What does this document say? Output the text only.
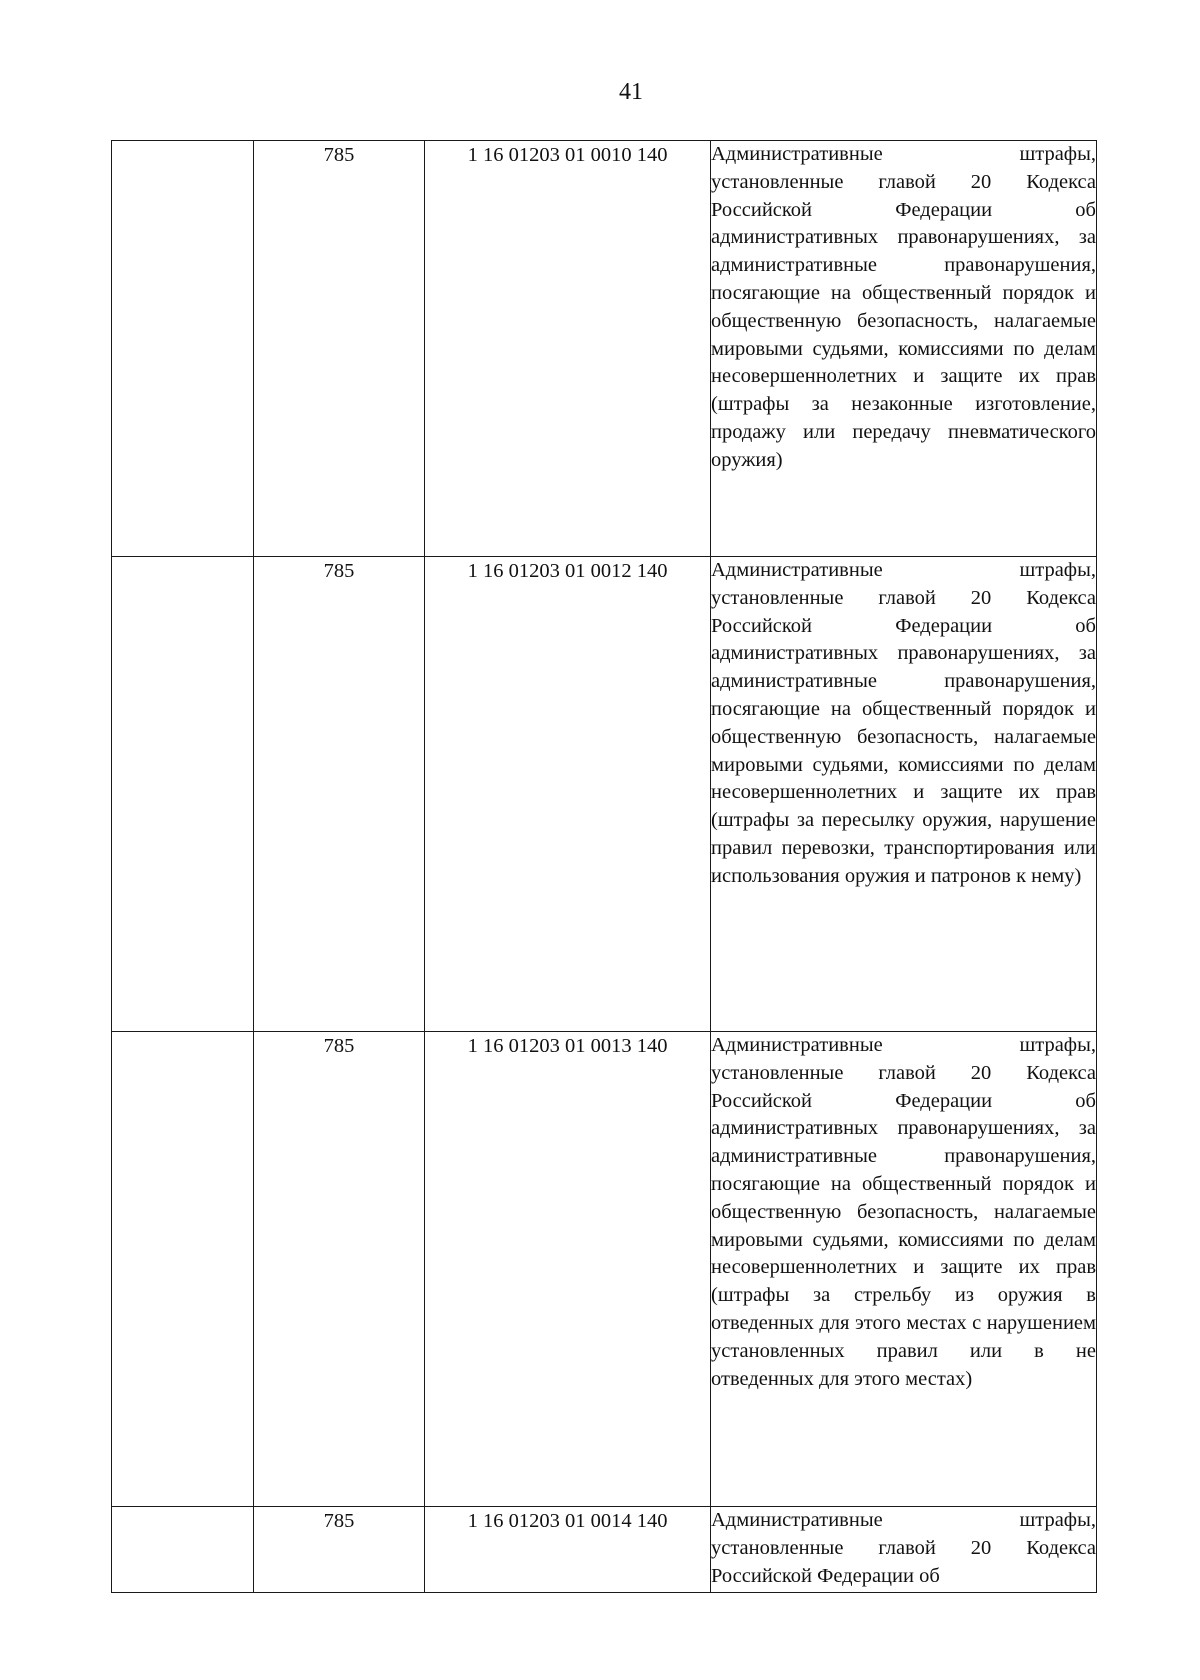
41

	785	1 16 01203 01 0010 140	Административные штрафы, установленные главой 20 Кодекса Российской Федерации об административных правонарушениях, за административные правонарушения, посягающие на общественный порядок и общественную безопасность, налагаемые мировыми судьями, комиссиями по делам несовершеннолетних и защите их прав (штрафы за незаконные изготовление, продажу или передачу пневматического оружия)

	785	1 16 01203 01 0012 140	Административные штрафы, установленные главой 20 Кодекса Российской Федерации об административных правонарушениях, за административные правонарушения, посягающие на общественный порядок и общественную безопасность, налагаемые мировыми судьями, комиссиями по делам несовершеннолетних и защите их прав (штрафы за пересылку оружия, нарушение правил перевозки, транспортирования или использования оружия и патронов к нему)

	785	1 16 01203 01 0013 140	Административные штрафы, установленные главой 20 Кодекса Российской Федерации об административных правонарушениях, за административные правонарушения, посягающие на общественный порядок и общественную безопасность, налагаемые мировыми судьями, комиссиями по делам несовершеннолетних и защите их прав (штрафы за стрельбу из оружия в отведенных для этого местах с нарушением установленных правил или в не отведенных для этого местах)

	785	1 16 01203 01 0014 140	Административные штрафы, установленные главой 20 Кодекса Российской Федерации об
